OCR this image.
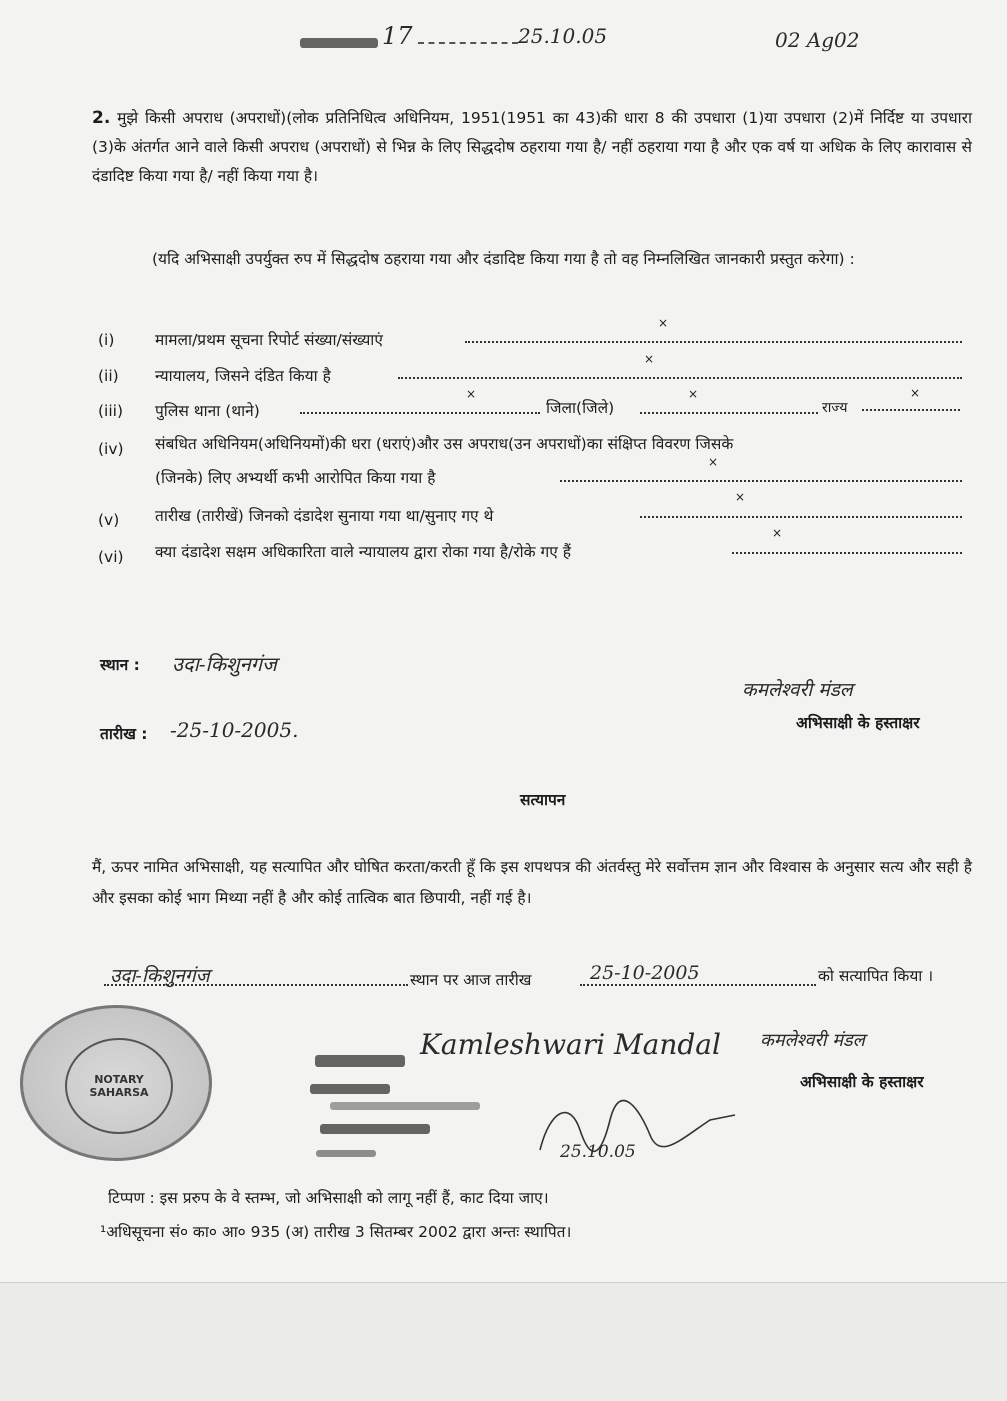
17	25.10.05	02 Ag02
2. मुझे किसी अपराध (अपराधों)(लोक प्रतिनिधित्व अधिनियम, 1951(1951 का 43)की धारा 8 की उपधारा (1)या उपधारा (2)में निर्दिष्ट या उपधारा (3)के अंतर्गत आने वाले किसी अपराध (अपराधों) से भिन्न के लिए सिद्धदोष ठहराया गया है/ नहीं ठहराया गया है और एक वर्ष या अधिक के लिए कारावास से दंडादिष्ट किया गया है/ नहीं किया गया है।
(यदि अभिसाक्षी उपर्युक्त रुप में सिद्धदोष ठहराया गया और दंडादिष्ट किया गया है तो वह निम्नलिखित जानकारी प्रस्तुत करेगा) :
(i)	मामला/प्रथम सूचना रिपोर्ट संख्या/संख्याएं
×
(ii) न्यायालय, जिसने दंडित किया है
×
(iii) पुलिस थाना (थाने)
×
जिला(जिले)
×
राज्य
×
(iv) संबधित अधिनियम(अधिनियमों)की धरा (धराएं)और उस अपराध(उन अपराधों)का संक्षिप्त विवरण जिसके
(जिनके) लिए अभ्यर्थी कभी आरोपित किया गया है
×
(v) तारीख (तारीखें) जिनको दंडादेश सुनाया गया था/सुनाए गए थे
×
(vi) क्या दंडादेश सक्षम अधिकारिता वाले न्यायालय द्वारा रोका गया है/रोके गए हैं
×
स्थान : उदा-किशुनगंज
कमलेश्वरी मंडल
अभिसाक्षी के हस्ताक्षर
तारीख : -25-10-2005.
सत्यापन
मैं, ऊपर नामित अभिसाक्षी, यह सत्यापित और घोषित करता/करती हूँ कि इस शपथपत्र की अंतर्वस्तु मेरे सर्वोत्तम ज्ञान और विश्वास के अनुसार सत्य और सही है और इसका कोई भाग मिथ्या नहीं है और कोई तात्विक बात छिपायी, नहीं गई है।
उदा-किशुनगंज	स्थान पर आज तारीख	25-10-2005	को सत्यापित किया ।
NOTARY
SAHARSA
Kamleshwari Mandal कमलेश्वरी मंडल
अभिसाक्षी के हस्ताक्षर
25.10.05
टिप्पण : इस प्ररुप के वे स्तम्भ, जो अभिसाक्षी को लागू नहीं हैं, काट दिया जाए।
¹अधिसूचना सं० का० आ० 935 (अ) तारीख 3 सितम्बर 2002 द्वारा अन्तः स्थापित।
